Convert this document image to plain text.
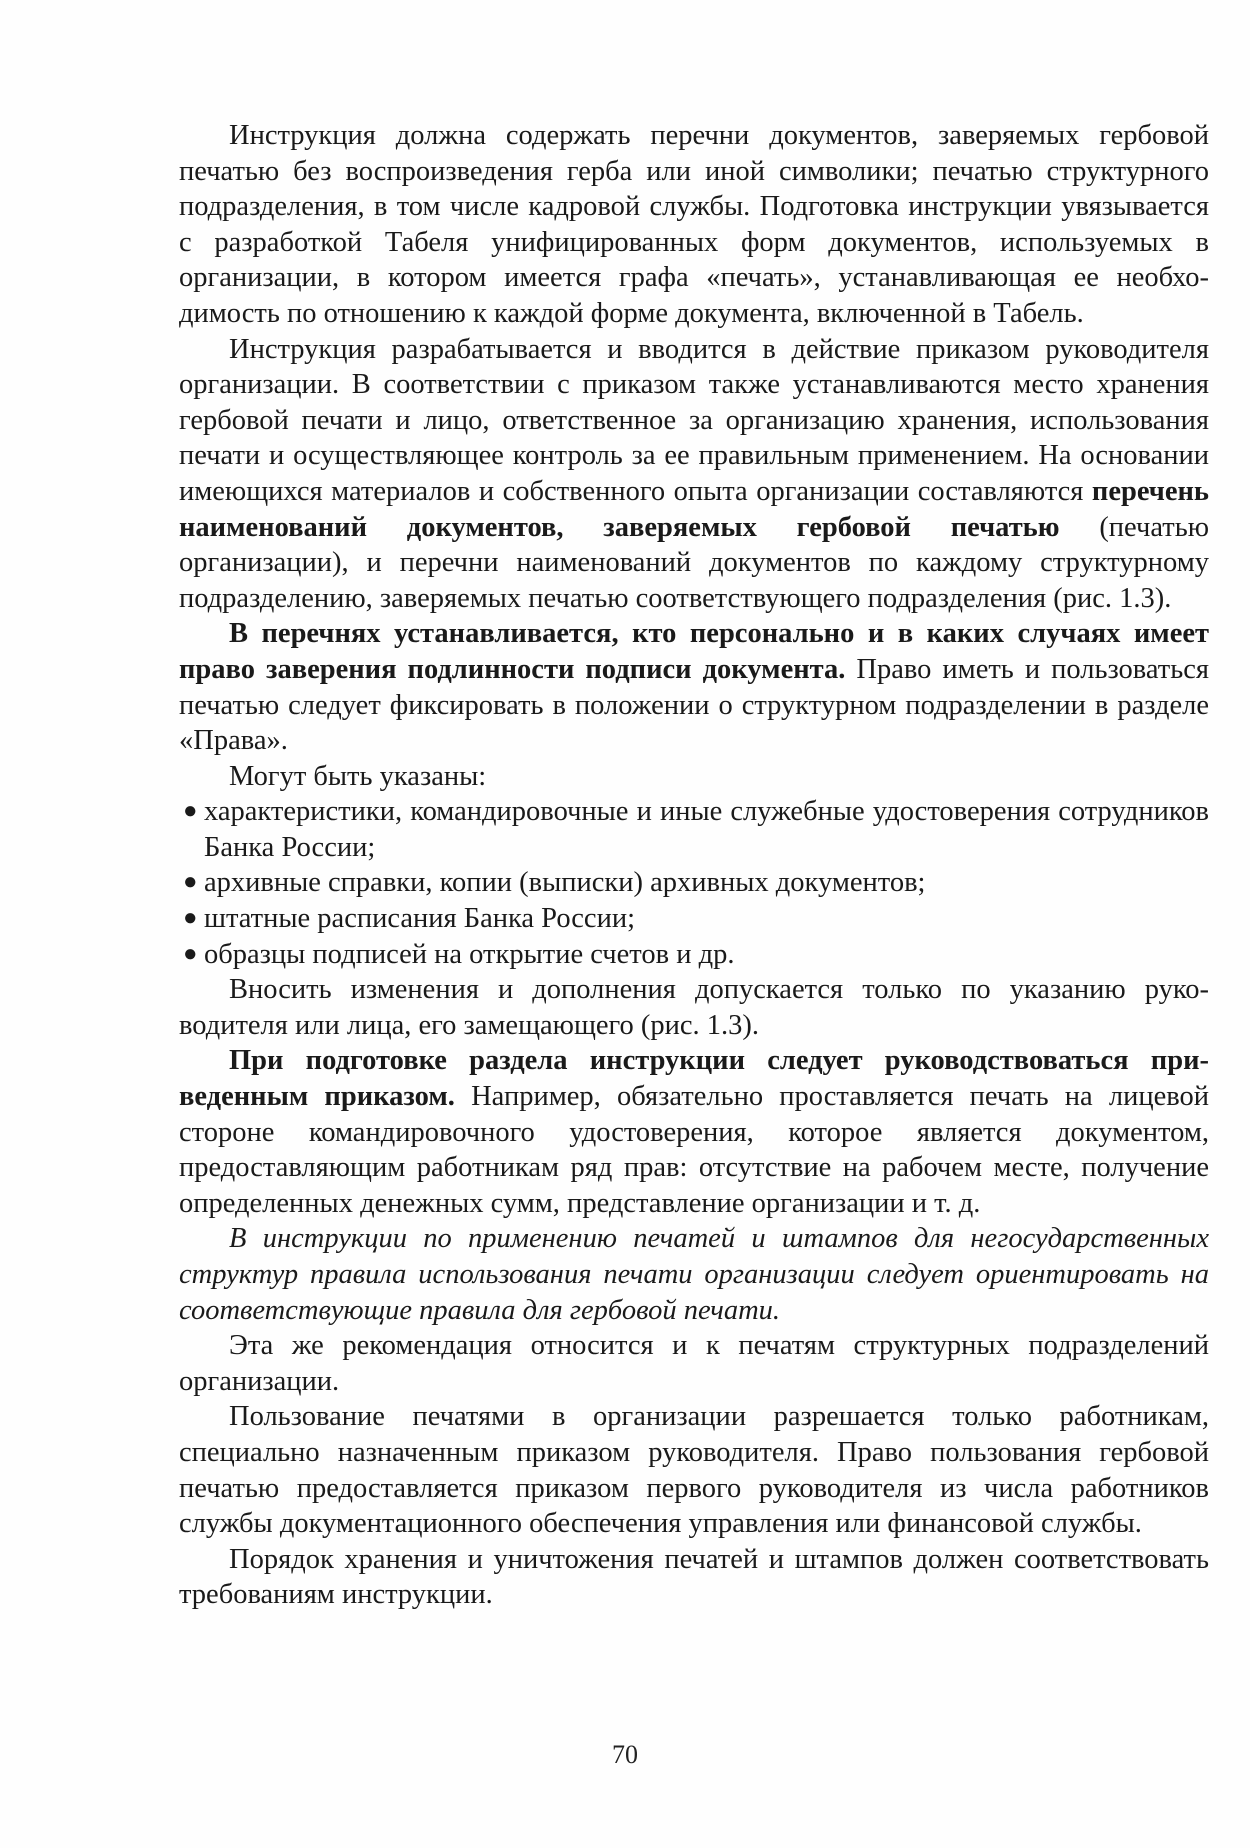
Инструкция должна содержать перечни документов, заверяемых гербовой печатью без воспроизведения герба или иной символики; печатью структурного подразделения, в том числе кадровой службы. Подготовка инструкции увязывается с разработкой Табеля унифицированных форм документов, используемых в организации, в котором имеется графа «печать», устанавливающая ее необходимость по отношению к каждой форме документа, включенной в Табель.

Инструкция разрабатывается и вводится в действие приказом руководителя организации. В соответствии с приказом также устанавливаются место хранения гербовой печати и лицо, ответственное за организацию хранения, использования печати и осуществляющее контроль за ее правильным применением. На основании имеющихся материалов и собственного опыта организации составляются перечень наименований документов, заверяемых гербовой печатью (печатью организации), и перечни наименований документов по каждому структурному подразделению, заверяемых печатью соответствующего подразделения (рис. 1.3).

В перечнях устанавливается, кто персонально и в каких случаях имеет право заверения подлинности подписи документа. Право иметь и пользоваться печатью следует фиксировать в положении о структурном подразделении в разделе «Права».

Могут быть указаны:

● характеристики, командировочные и иные служебные удостоверения сотрудников Банка России;
● архивные справки, копии (выписки) архивных документов;
● штатные расписания Банка России;
● образцы подписей на открытие счетов и др.

Вносить изменения и дополнения допускается только по указанию руководителя или лица, его замещающего (рис. 1.3).

При подготовке раздела инструкции следует руководствоваться приведенным приказом. Например, обязательно проставляется печать на лицевой стороне командировочного удостоверения, которое является документом, предоставляющим работникам ряд прав: отсутствие на рабочем месте, получение определенных денежных сумм, представление организации и т. д.

В инструкции по применению печатей и штампов для негосударственных структур правила использования печати организации следует ориентировать на соответствующие правила для гербовой печати.

Эта же рекомендация относится и к печатям структурных подразделений организации.

Пользование печатями в организации разрешается только работникам, специально назначенным приказом руководителя. Право пользования гербовой печатью предоставляется приказом первого руководителя из числа работников службы документационного обеспечения управления или финансовой службы.

Порядок хранения и уничтожения печатей и штампов должен соответствовать требованиям инструкции.

70
